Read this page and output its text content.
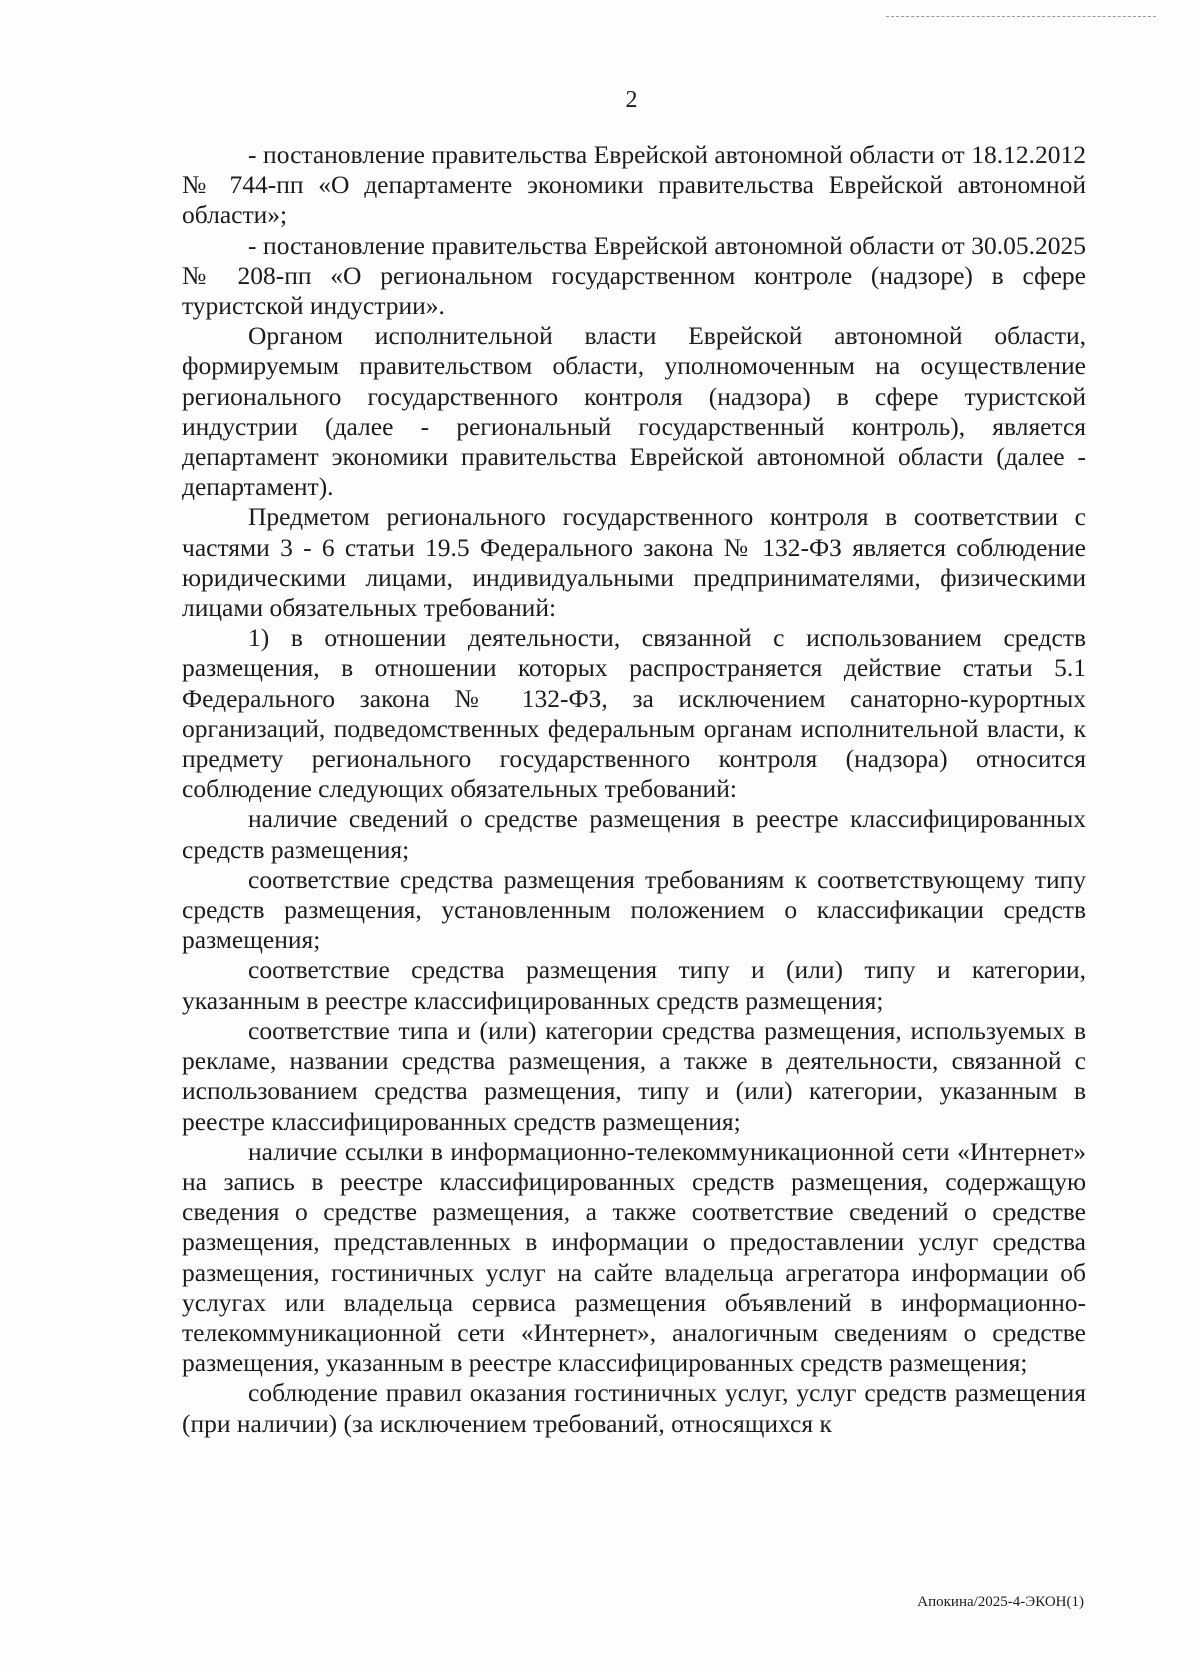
2

- постановление правительства Еврейской автономной области от 18.12.2012 № 744-пп «О департаменте экономики правительства Еврейской автономной области»;

- постановление правительства Еврейской автономной области от 30.05.2025 № 208-пп «О региональном государственном контроле (надзоре) в сфере туристской индустрии».

Органом исполнительной власти Еврейской автономной области, формируемым правительством области, уполномоченным на осуществление регионального государственного контроля (надзора) в сфере туристской индустрии (далее - региональный государственный контроль), является департамент экономики правительства Еврейской автономной области (далее - департамент).

Предметом регионального государственного контроля в соответствии с частями 3 - 6 статьи 19.5 Федерального закона № 132-ФЗ является соблюдение юридическими лицами, индивидуальными предпринимателями, физическими лицами обязательных требований:

1) в отношении деятельности, связанной с использованием средств размещения, в отношении которых распространяется действие статьи 5.1 Федерального закона № 132-ФЗ, за исключением санаторно-курортных организаций, подведомственных федеральным органам исполнительной власти, к предмету регионального государственного контроля (надзора) относится соблюдение следующих обязательных требований:

наличие сведений о средстве размещения в реестре классифицированных средств размещения;

соответствие средства размещения требованиям к соответствующему типу средств размещения, установленным положением о классификации средств размещения;

соответствие средства размещения типу и (или) типу и категории, указанным в реестре классифицированных средств размещения;

соответствие типа и (или) категории средства размещения, используемых в рекламе, названии средства размещения, а также в деятельности, связанной с использованием средства размещения, типу и (или) категории, указанным в реестре классифицированных средств размещения;

наличие ссылки в информационно-телекоммуникационной сети «Интернет» на запись в реестре классифицированных средств размещения, содержащую сведения о средстве размещения, а также соответствие сведений о средстве размещения, представленных в информации о предоставлении услуг средства размещения, гостиничных услуг на сайте владельца агрегатора информации об услугах или владельца сервиса размещения объявлений в информационно-телекоммуникационной сети «Интернет», аналогичным сведениям о средстве размещения, указанным в реестре классифицированных средств размещения;

соблюдение правил оказания гостиничных услуг, услуг средств размещения (при наличии) (за исключением требований, относящихся к

Апокина/2025-4-ЭКОН(1)
